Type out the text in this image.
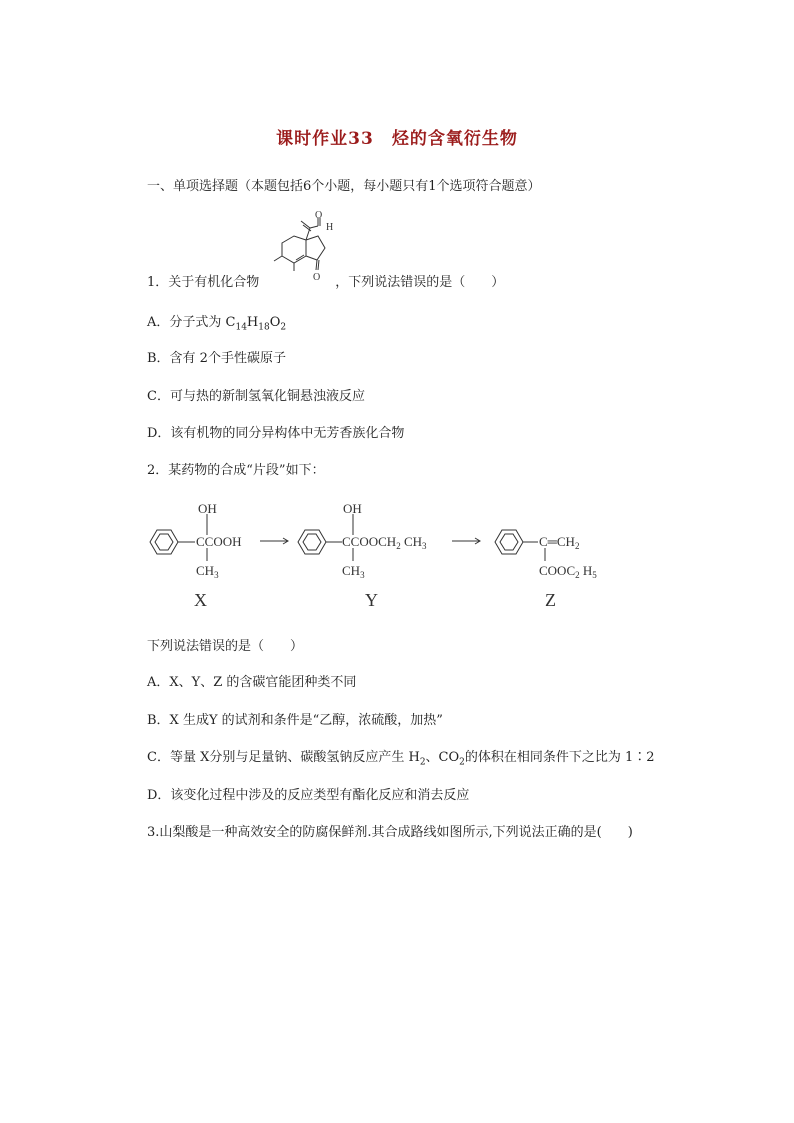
课时作业33　烃的含氧衍生物
一、单项选择题（本题包括6个小题，每小题只有1个选项符合题意）
1．关于有机化合物	，下列说法错误的是（　　）
O
H
O
A．分子式为 $C_{14}H_{18}O_2$
B．含有 2个手性碳原子
C．可与热的新制氢氧化铜悬浊液反应
D．该有机物的同分异构体中无芳香族化合物
2．某药物的合成“片段”如下：
OH
CCOOH
$CH_3$
OH
$CCOOCH_2$ $CH_3$
$CH_3$
$C═CH_2$
$COOC_2$ $H_5$
X	Y	Z
下列说法错误的是（　　）
A．X、Y、Z 的含碳官能团种类不同
B．X 生成Y 的试剂和条件是“乙醇，浓硫酸，加热”
C．等量 X分别与足量钠、碳酸氢钠反应产生 $H_2$、$CO_2$的体积在相同条件下之比为 1∶2
D．该变化过程中涉及的反应类型有酯化反应和消去反应
3.山梨酸是一种高效安全的防腐保鲜剂.其合成路线如图所示,下列说法正确的是(　　)
